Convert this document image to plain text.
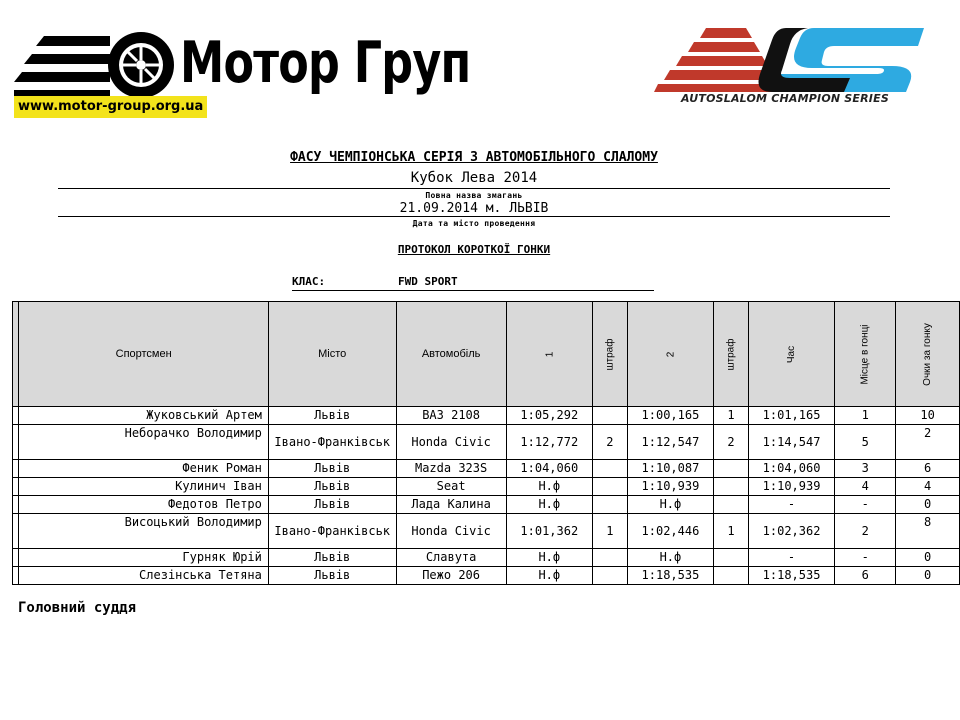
Мотор Груп
www.motor-group.org.ua
AUTOSLALOM CHAMPION SERIES
ФАСУ ЧЕМПІОНСЬКА СЕРІЯ З АВТОМОБІЛЬНОГО СЛАЛОМУ
Кубок Лева 2014
Повна назва змагань
21.09.2014 м. ЛЬВІВ
Дата та місто проведення
ПРОТОКОЛ КОРОТКОЇ ГОНКИ
КЛАС:	FWD SPORT
	Спортсмен	Місто	Автомобіль	1	штраф	2	штраф	Час	Місце в гонці	Очки за гонку
	Жуковський Артем	Львів	ВАЗ 2108	1:05,292		1:00,165	1	1:01,165	1	10
	Неборачко Володимир	Івано-Франківськ	Honda Civic	1:12,772	2	1:12,547	2	1:14,547	5	2
	Феник Роман	Львів	Mazda 323S	1:04,060		1:10,087		1:04,060	3	6
	Кулинич Іван	Львів	Seat	Н.ф		1:10,939		1:10,939	4	4
	Федотов Петро	Львів	Лада Калина	Н.ф		Н.ф		-	-	0
	Висоцький Володимир	Івано-Франківськ	Honda Civic	1:01,362	1	1:02,446	1	1:02,362	2	8
	Гурняк Юрій	Львів	Славута	Н.ф		Н.ф		-	-	0
	Слезінська Тетяна	Львів	Пежо 206	Н.ф		1:18,535		1:18,535	6	0
Головний суддя
